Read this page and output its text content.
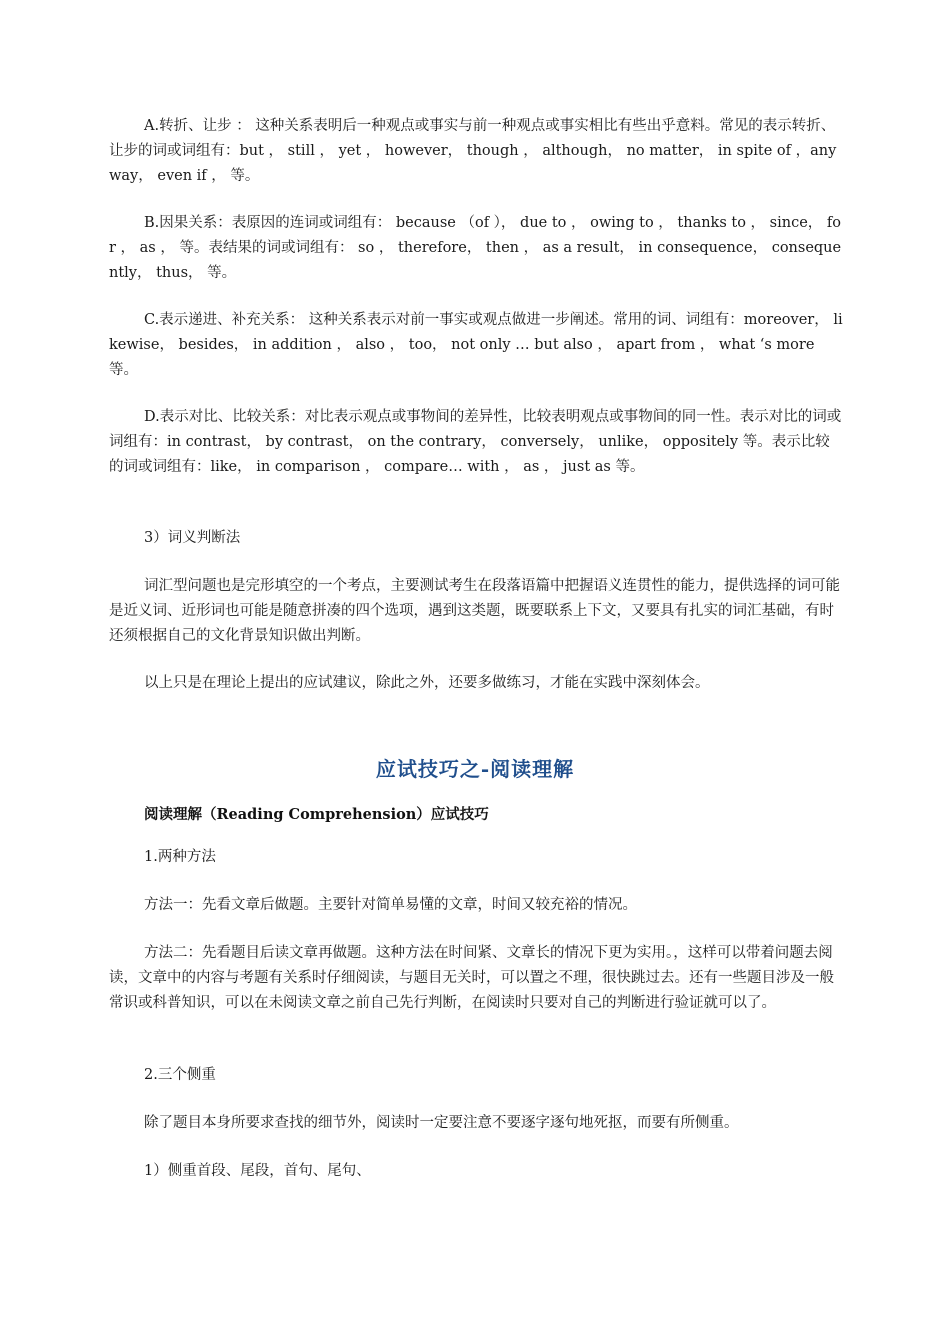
A.转折、让步 ： 这种关系表明后一种观点或事实与前一种观点或事实相比有些出乎意料。常见的表示转折、让步的词或词组有：but ， still ， yet ， however， though ， although， no matter， in spite of ，anyway， even if ， 等。

B.因果关系：表原因的连词或词组有： because （of ）， due to ， owing to ， thanks to ， since， for ， as ， 等。表结果的词或词组有： so ， therefore， then ， as a result， in consequence， consequently， thus， 等。

C.表示递进、补充关系： 这种关系表示对前一事实或观点做进一步阐述。常用的词、词组有：moreover， likewise， besides， in addition ， also ， too， not only … but also ， apart from ， what ‘s more 等。

D.表示对比、比较关系：对比表示观点或事物间的差异性，比较表明观点或事物间的同一性。表示对比的词或词组有：in contrast， by contrast， on the contrary， conversely， unlike， oppositely 等。表示比较的词或词组有：like， in comparison ， compare… with ， as ， just as 等。

3）词义判断法

词汇型问题也是完形填空的一个考点，主要测试考生在段落语篇中把握语义连贯性的能力，提供选择的词可能是近义词、近形词也可能是随意拼凑的四个选项，遇到这类题，既要联系上下文，又要具有扎实的词汇基础，有时还须根据自己的文化背景知识做出判断。

以上只是在理论上提出的应试建议，除此之外，还要多做练习，才能在实践中深刻体会。

应试技巧之-阅读理解
阅读理解（Reading Comprehension）应试技巧

1.两种方法

方法一：先看文章后做题。主要针对简单易懂的文章，时间又较充裕的情况。

方法二：先看题目后读文章再做题。这种方法在时间紧、文章长的情况下更为实用。，这样可以带着问题去阅读，文章中的内容与考题有关系时仔细阅读，与题目无关时，可以置之不理，很快跳过去。还有一些题目涉及一般常识或科普知识，可以在未阅读文章之前自己先行判断，在阅读时只要对自己的判断进行验证就可以了。

2.三个侧重

除了题目本身所要求查找的细节外，阅读时一定要注意不要逐字逐句地死抠，而要有所侧重。

1）侧重首段、尾段，首句、尾句、
